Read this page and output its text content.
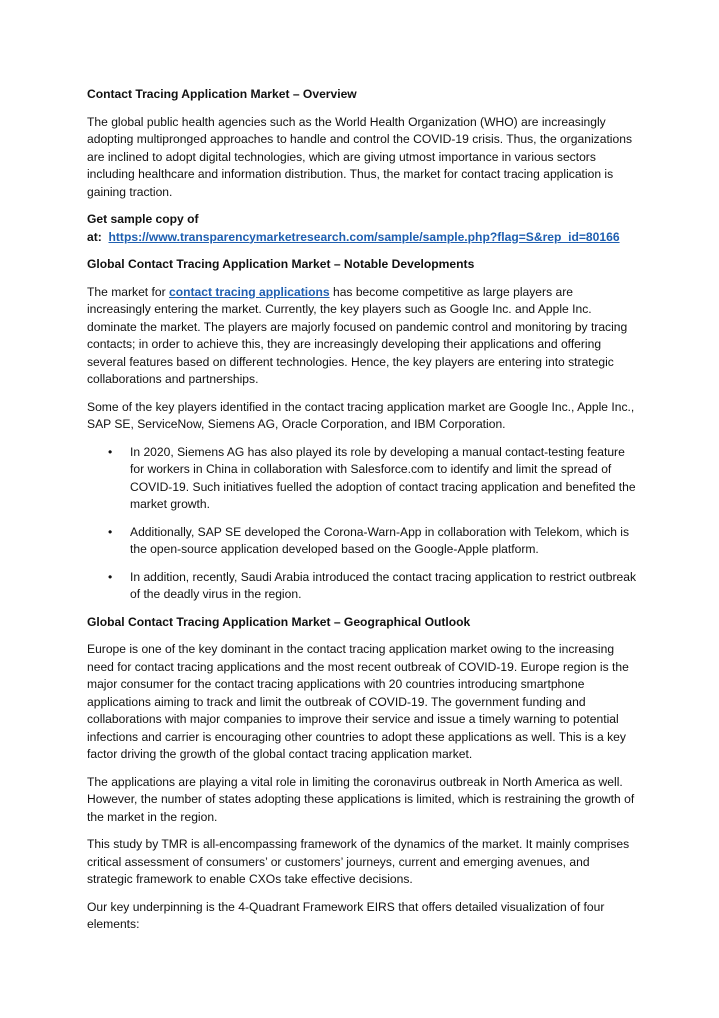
Contact Tracing Application Market – Overview

The global public health agencies such as the World Health Organization (WHO) are increasingly adopting multipronged approaches to handle and control the COVID-19 crisis. Thus, the organizations are inclined to adopt digital technologies, which are giving utmost importance in various sectors including healthcare and information distribution. Thus, the market for contact tracing application is gaining traction.

Get sample copy of
at: https://www.transparencymarketresearch.com/sample/sample.php?flag=S&rep_id=80166

Global Contact Tracing Application Market – Notable Developments

The market for contact tracing applications has become competitive as large players are increasingly entering the market. Currently, the key players such as Google Inc. and Apple Inc. dominate the market. The players are majorly focused on pandemic control and monitoring by tracing contacts; in order to achieve this, they are increasingly developing their applications and offering several features based on different technologies. Hence, the key players are entering into strategic collaborations and partnerships.

Some of the key players identified in the contact tracing application market are Google Inc., Apple Inc., SAP SE, ServiceNow, Siemens AG, Oracle Corporation, and IBM Corporation.

• In 2020, Siemens AG has also played its role by developing a manual contact-testing feature for workers in China in collaboration with Salesforce.com to identify and limit the spread of COVID-19. Such initiatives fuelled the adoption of contact tracing application and benefited the market growth.
• Additionally, SAP SE developed the Corona-Warn-App in collaboration with Telekom, which is the open-source application developed based on the Google-Apple platform.
• In addition, recently, Saudi Arabia introduced the contact tracing application to restrict outbreak of the deadly virus in the region.

Global Contact Tracing Application Market – Geographical Outlook

Europe is one of the key dominant in the contact tracing application market owing to the increasing need for contact tracing applications and the most recent outbreak of COVID-19. Europe region is the major consumer for the contact tracing applications with 20 countries introducing smartphone applications aiming to track and limit the outbreak of COVID-19. The government funding and collaborations with major companies to improve their service and issue a timely warning to potential infections and carrier is encouraging other countries to adopt these applications as well. This is a key factor driving the growth of the global contact tracing application market.

The applications are playing a vital role in limiting the coronavirus outbreak in North America as well. However, the number of states adopting these applications is limited, which is restraining the growth of the market in the region.

This study by TMR is all-encompassing framework of the dynamics of the market. It mainly comprises critical assessment of consumers’ or customers’ journeys, current and emerging avenues, and strategic framework to enable CXOs take effective decisions.

Our key underpinning is the 4-Quadrant Framework EIRS that offers detailed visualization of four elements:
